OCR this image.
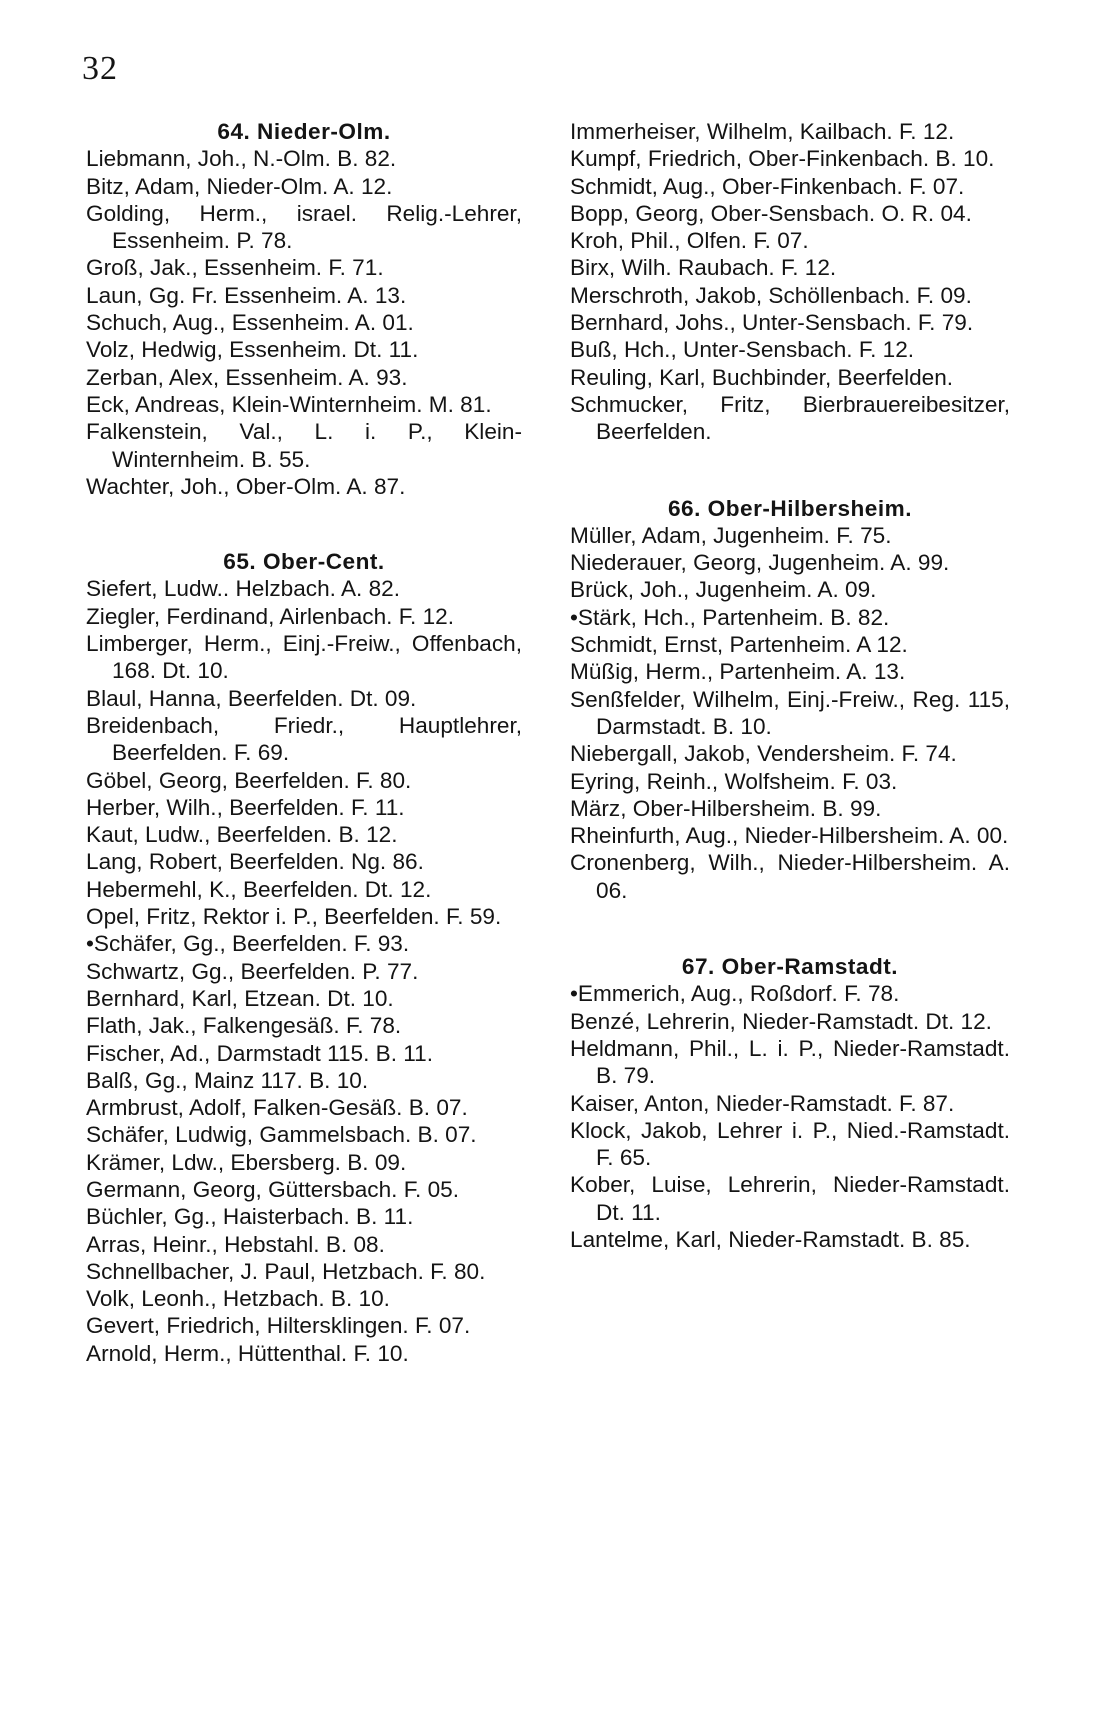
32
64. Nieder-Olm.
Liebmann, Joh., N.-Olm. B. 82.
Bitz, Adam, Nieder-Olm. A. 12.
Golding, Herm., israel. Relig.-Lehrer, Essenheim. P. 78.
Groß, Jak., Essenheim. F. 71.
Laun, Gg. Fr. Essenheim. A. 13.
Schuch, Aug., Essenheim. A. 01.
Volz, Hedwig, Essenheim. Dt. 11.
Zerban, Alex, Essenheim. A. 93.
Eck, Andreas, Klein-Winternheim. M. 81.
Falkenstein, Val., L. i. P., Klein-Winternheim. B. 55.
Wachter, Joh., Ober-Olm. A. 87.
65. Ober-Cent.
Siefert, Ludw.. Helzbach. A. 82.
Ziegler, Ferdinand, Airlenbach. F. 12.
Limberger, Herm., Einj.-Freiw., Offenbach, 168. Dt. 10.
Blaul, Hanna, Beerfelden. Dt. 09.
Breidenbach, Friedr., Hauptlehrer, Beerfelden. F. 69.
Göbel, Georg, Beerfelden. F. 80.
Herber, Wilh., Beerfelden. F. 11.
Kaut, Ludw., Beerfelden. B. 12.
Lang, Robert, Beerfelden. Ng. 86.
Hebermehl, K., Beerfelden. Dt. 12.
Opel, Fritz, Rektor i. P., Beerfelden. F. 59.
•Schäfer, Gg., Beerfelden. F. 93.
Schwartz, Gg., Beerfelden. P. 77.
Bernhard, Karl, Etzean. Dt. 10.
Flath, Jak., Falkengesäß. F. 78.
Fischer, Ad., Darmstadt 115. B. 11.
Balß, Gg., Mainz 117. B. 10.
Armbrust, Adolf, Falken-Gesäß. B. 07.
Schäfer, Ludwig, Gammelsbach. B. 07.
Krämer, Ldw., Ebersberg. B. 09.
Germann, Georg, Güttersbach. F. 05.
Büchler, Gg., Haisterbach. B. 11.
Arras, Heinr., Hebstahl. B. 08.
Schnellbacher, J. Paul, Hetzbach. F. 80.
Volk, Leonh., Hetzbach. B. 10.
Gevert, Friedrich, Hiltersklingen. F. 07.
Arnold, Herm., Hüttenthal. F. 10.
Immerheiser, Wilhelm, Kailbach. F. 12.
Kumpf, Friedrich, Ober-Finkenbach. B. 10.
Schmidt, Aug., Ober-Finkenbach. F. 07.
Bopp, Georg, Ober-Sensbach. O. R. 04.
Kroh, Phil., Olfen. F. 07.
Birx, Wilh. Raubach. F. 12.
Merschroth, Jakob, Schöllenbach. F. 09.
Bernhard, Johs., Unter-Sensbach. F. 79.
Buß, Hch., Unter-Sensbach. F. 12.
Reuling, Karl, Buchbinder, Beerfelden.
Schmucker, Fritz, Bierbrauereibesitzer, Beerfelden.
66. Ober-Hilbersheim.
Müller, Adam, Jugenheim. F. 75.
Niederauer, Georg, Jugenheim. A. 99.
Brück, Joh., Jugenheim. A. 09.
•Stärk, Hch., Partenheim. B. 82.
Schmidt, Ernst, Partenheim. A 12.
Müßig, Herm., Partenheim. A. 13.
Senßfelder, Wilhelm, Einj.-Freiw., Reg. 115, Darmstadt. B. 10.
Niebergall, Jakob, Vendersheim. F. 74.
Eyring, Reinh., Wolfsheim. F. 03.
März, Ober-Hilbersheim. B. 99.
Rheinfurth, Aug., Nieder-Hilbersheim. A. 00.
Cronenberg, Wilh., Nieder-Hilbersheim. A. 06.
67. Ober-Ramstadt.
•Emmerich, Aug., Roßdorf. F. 78.
Benzé, Lehrerin, Nieder-Ramstadt. Dt. 12.
Heldmann, Phil., L. i. P., Nieder-Ramstadt. B. 79.
Kaiser, Anton, Nieder-Ramstadt. F. 87.
Klock, Jakob, Lehrer i. P., Nied.-Ramstadt. F. 65.
Kober, Luise, Lehrerin, Nieder-Ramstadt. Dt. 11.
Lantelme, Karl, Nieder-Ramstadt. B. 85.
